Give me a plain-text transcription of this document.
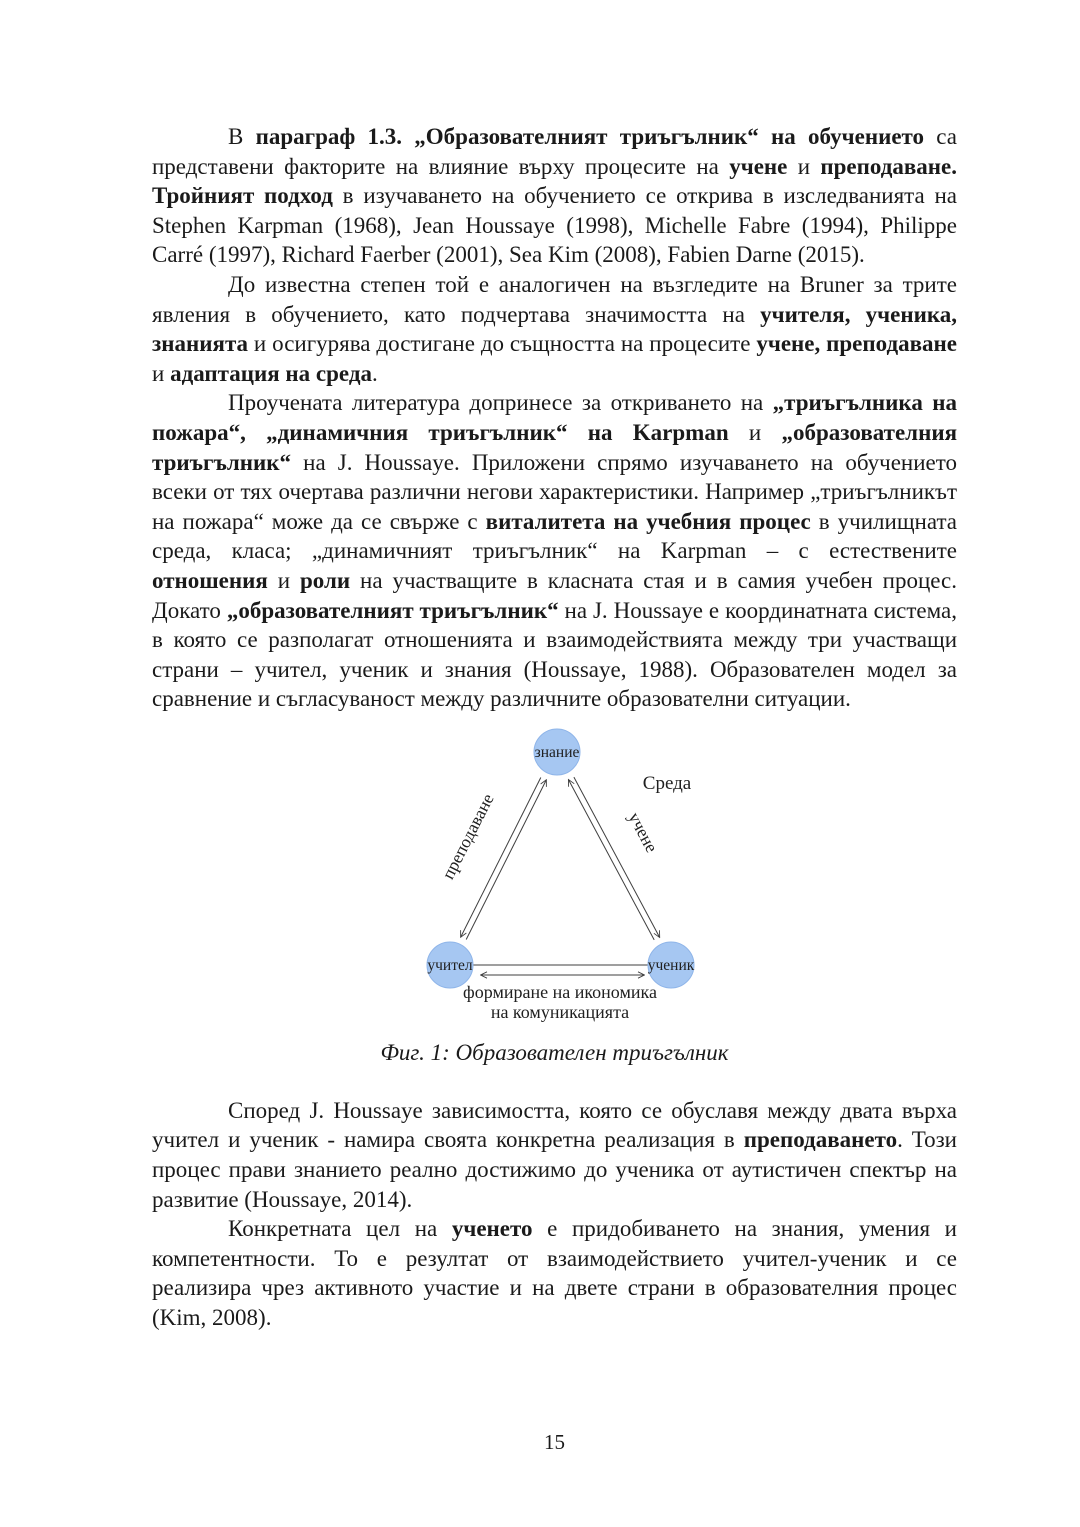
В параграф 1.3. „Образователният триъгълник“ на обучението са представени факторите на влияние върху процесите на учене и преподаване. Тройният подход в изучаването на обучението се открива в изследванията на Stephen Karpman (1968), Jean Houssaye (1998), Michelle Fabre (1994), Philippe Carré (1997), Richard Faerber (2001), Sea Kim (2008), Fabien Darne (2015).

До известна степен той е аналогичен на възгледите на Bruner за трите явления в обучението, като подчертава значимостта на учителя, ученика, знанията и осигурява достигане до същността на процесите учене, преподаване и адаптация на среда.

Проучената литература допринесе за откриването на „триъгълника на пожара“, „динамичния триъгълник“ на Karpman и „образователния триъгълник“ на J. Houssaye. Приложени спрямо изучаването на обучението всеки от тях очертава различни негови характеристики. Например „триъгълникът на пожара“ може да се свърже с виталитета на учебния процес в училищната среда, класа; „динамичният триъгълник“ на Karpman – с естествените отношения и роли на участващите в класната стая и в самия учебен процес. Докато „образователният триъгълник“ на J. Houssaye е координатната система, в която се разполагат отношенията и взаимодействията между три участващи страни – учител, ученик и знания (Houssaye, 1988). Образователен модел за сравнение и съгласуваност между различните образователни ситуации.

знание
учител	ученик
преподаване	учене
Среда
формиране на икономика
на комуникацията
Фиг. 1: Образователен триъгълник

Според J. Houssaye зависимостта, която се обуславя между двата върха учител и ученик - намира своята конкретна реализация в преподаването. Този процес прави знанието реално достижимо до ученика от аутистичен спектър на развитие (Houssaye, 2014).

Конкретната цел на ученето е придобиването на знания, умения и компетентности. То е резултат от взаимодействието учител-ученик и се реализира чрез активното участие и на двете страни в образователния процес (Kim, 2008).

15
